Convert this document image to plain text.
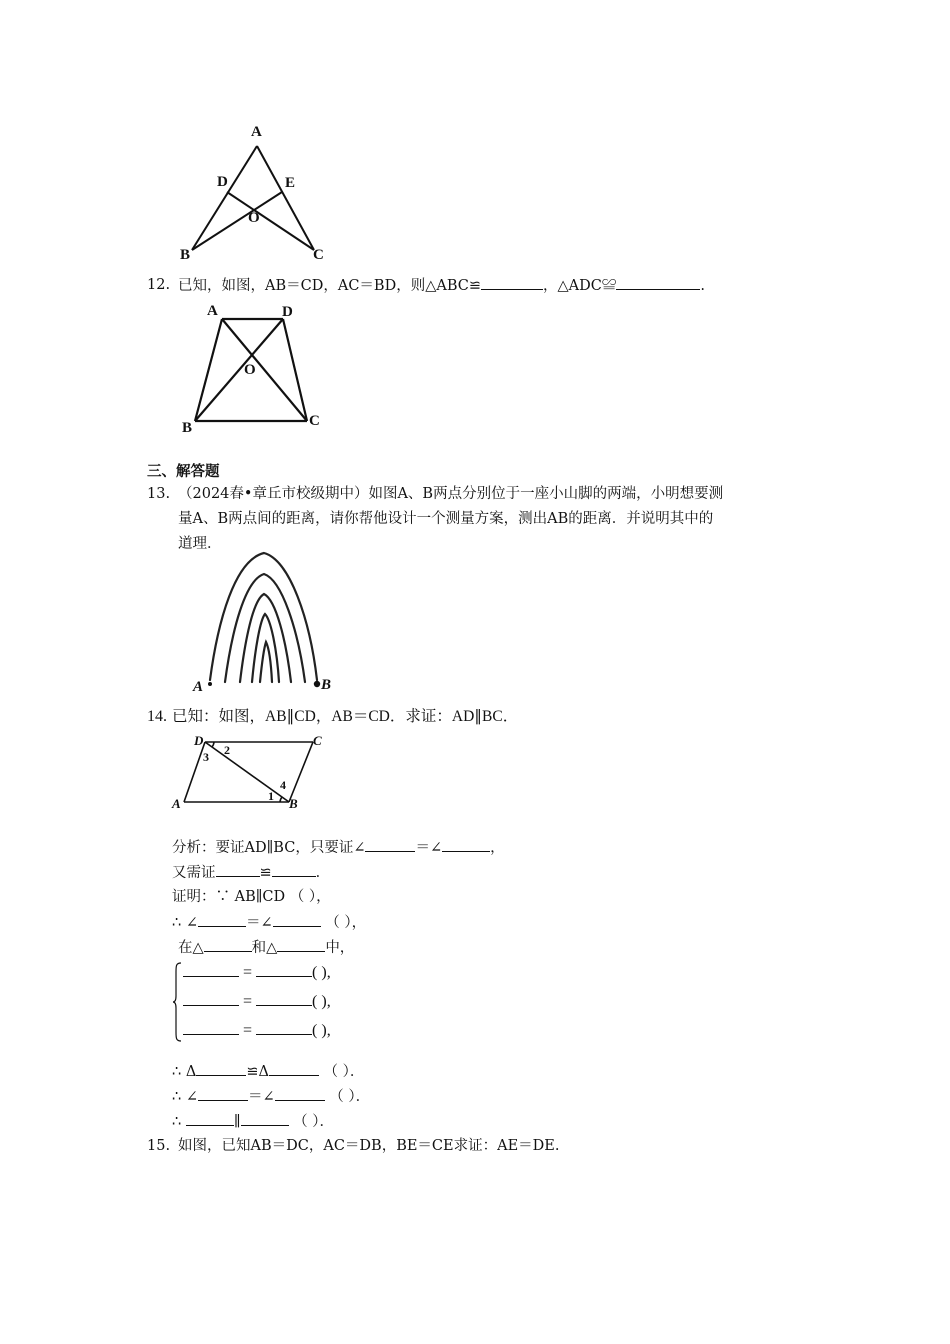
A
D	E
O
B	C
12. 已知，如图，AB＝CD，AC＝BD，则△ABC≌	，△ADC≌	.
A	D
O
B	C
三、解答题
13. （2024春•章丘市校级期中）如图A、B两点分别位于一座小山脚的两端，小明想要测
量A、B两点间的距离，请你帮他设计一个测量方案，测出AB的距离．并说明其中的
道理．
A	B
14. 已知：如图，AB∥CD，AB＝CD．求证：AD∥BC．
D	C
A	B
1
2
3
4
分析：要证AD∥BC，只要证∠	＝∠	，
又需证	≌	．
证明：∵ AB∥CD （ ），
∴ ∠	＝∠	（ ），
在△	和△	中，
=	( ),
=	( ),
=	( ),
∴ Δ	≌Δ	（ ）．
∴ ∠	＝∠	（ ）．
∴	∥	（ ）．
15. 如图，已知AB＝DC，AC＝DB，BE＝CE求证：AE＝DE.
